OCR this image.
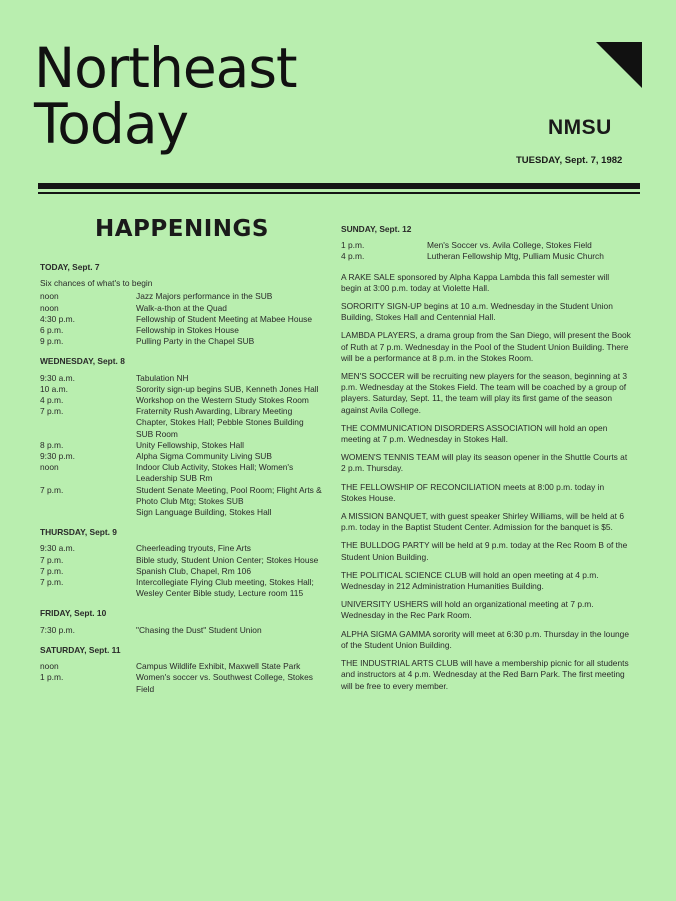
Northeast
Today	NMSU
TUESDAY, Sept. 7, 1982
HAPPENINGS
TODAY, Sept. 7
Six chances of what's to begin
noon	Jazz Majors performance in the SUB
noon	Walk-a-thon at the Quad
4:30 p.m.	Fellowship of Student Meeting at Mabee House
6 p.m.	Fellowship in Stokes House
9 p.m.	Pulling Party in the Chapel SUB
WEDNESDAY, Sept. 8
9:30 a.m.	Tabulation NH
10 a.m.	Sorority sign-up begins SUB, Kenneth Jones Hall
4 p.m.	Workshop on the Western Study Stokes Room
7 p.m.	Fraternity Rush Awarding, Library Meeting Chapter, Stokes Hall; Pebble Stones Building SUB Room
8 p.m.	Unity Fellowship, Stokes Hall
9:30 p.m.	Alpha Sigma Community Living SUB
noon	Indoor Club Activity, Stokes Hall; Women's Leadership SUB Rm
7 p.m.	Student Senate Meeting, Pool Room; Flight Arts & Photo Club Mtg; Stokes SUB
Sign Language Building, Stokes Hall
THURSDAY, Sept. 9
9:30 a.m.	Cheerleading tryouts, Fine Arts
7 p.m.	Bible study, Student Union Center; Stokes House
7 p.m.	Spanish Club, Chapel, Rm 106
7 p.m.	Intercollegiate Flying Club meeting, Stokes Hall; Wesley Center Bible study, Lecture room 115
FRIDAY, Sept. 10
7:30 p.m.	"Chasing the Dust" Student Union
SATURDAY, Sept. 11
noon	Campus Wildlife Exhibit, Maxwell State Park
1 p.m.	Women's soccer vs. Southwest College, Stokes Field
SUNDAY, Sept. 12
1 p.m.	Men's Soccer vs. Avila College, Stokes Field
4 p.m.	Lutheran Fellowship Mtg, Pulliam Music Church
A RAKE SALE sponsored by Alpha Kappa Lambda this fall semester will begin at 3:00 p.m. today at Violette Hall.
SORORITY SIGN-UP begins at 10 a.m. Wednesday in the Student Union Building, Stokes Hall and Centennial Hall.
LAMBDA PLAYERS, a drama group from the San Diego, will present the Book of Ruth at 7 p.m. Wednesday in the Pool of the Student Union Building. There will be a performance at 8 p.m. in the Stokes Room.
MEN'S SOCCER will be recruiting new players for the season, beginning at 3 p.m. Wednesday at the Stokes Field. The team will be coached by a group of players. Saturday, Sept. 11, the team will play its first game of the season against Avila College.
THE COMMUNICATION DISORDERS ASSOCIATION will hold an open meeting at 7 p.m. Wednesday in Stokes Hall.
WOMEN'S TENNIS TEAM will play its season opener in the Shuttle Courts at 2 p.m. Thursday.
THE FELLOWSHIP OF RECONCILIATION meets at 8:00 p.m. today in Stokes House.
A MISSION BANQUET, with guest speaker Shirley Williams, will be held at 6 p.m. today in the Baptist Student Center. Admission for the banquet is $5.
THE BULLDOG PARTY will be held at 9 p.m. today at the Rec Room B of the Student Union Building.
THE POLITICAL SCIENCE CLUB will hold an open meeting at 4 p.m. Wednesday in 212 Administration Humanities Building.
UNIVERSITY USHERS will hold an organizational meeting at 7 p.m. Wednesday in the Rec Park Room.
ALPHA SIGMA GAMMA sorority will meet at 6:30 p.m. Thursday in the lounge of the Student Union Building.
THE INDUSTRIAL ARTS CLUB will have a membership picnic for all students and instructors at 4 p.m. Wednesday at the Red Barn Park. The first meeting will be free to every member.
